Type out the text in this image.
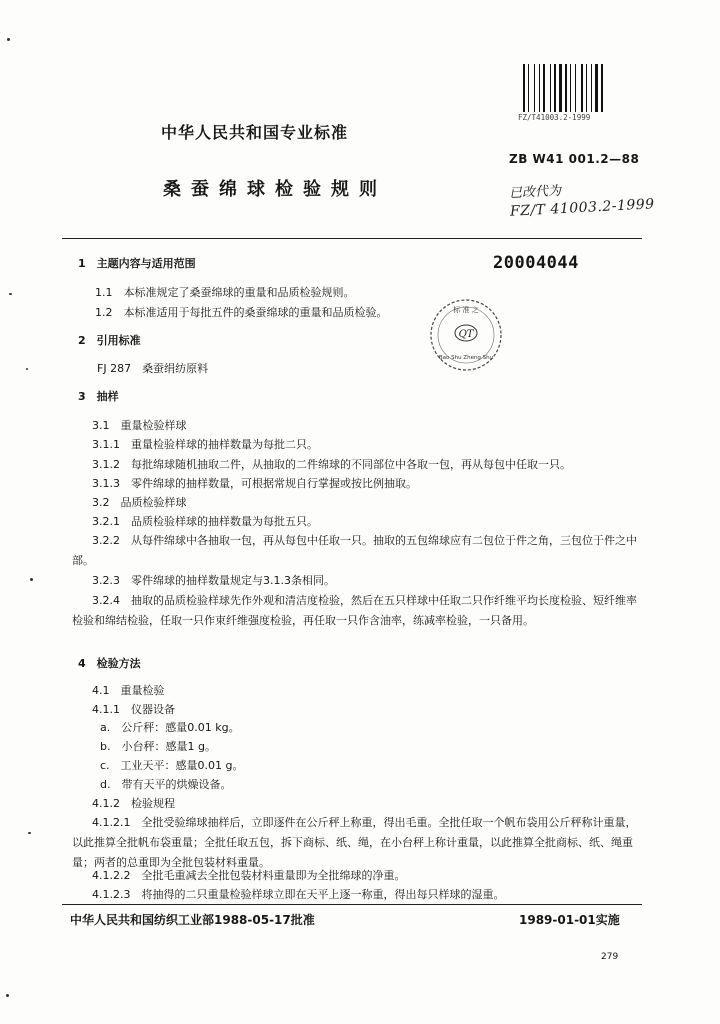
FZ/T41003.2-1999
中华人民共和国专业标准
ZB W41 001.2—88
桑蚕绵球检验规则	已改代为
FZ/T 41003.2-1999
20004044
QT
标 准 之
Bao Shu Zheng Shu
1　主题内容与适用范围
1.1　本标准规定了桑蚕绵球的重量和品质检验规则。
1.2　本标准适用于每批五件的桑蚕绵球的重量和品质检验。
2　引用标准
FJ 287　桑蚕绢纺原料
3　抽样
3.1　重量检验样球
3.1.1　重量检验样球的抽样数量为每批二只。
3.1.2　每批绵球随机抽取二件，从抽取的二件绵球的不同部位中各取一包，再从每包中任取一只。
3.1.3　零件绵球的抽样数量，可根据常规自行掌握或按比例抽取。
3.2　品质检验样球
3.2.1　品质检验样球的抽样数量为每批五只。
3.2.2　从每件绵球中各抽取一包，再从每包中任取一只。抽取的五包绵球应有二包位于件之角，三包位于件之中部。
3.2.3　零件绵球的抽样数量规定与3.1.3条相同。
3.2.4　抽取的品质检验样球先作外观和清洁度检验，然后在五只样球中任取二只作纤维平均长度检验、短纤维率检验和绵结检验，任取一只作束纤维强度检验，再任取一只作含油率，练减率检验，一只备用。
4　检验方法
4.1　重量检验
4.1.1　仪器设备
a.　公斤秤：感量0.01 kg。
b.　小台秤：感量1 g。
c.　工业天平：感量0.01 g。
d.　带有天平的烘燥设备。
4.1.2　检验规程
4.1.2.1　全批受验绵球抽样后，立即逐件在公斤秤上称重，得出毛重。全批任取一个帆布袋用公斤秤称计重量，以此推算全批帆布袋重量；全批任取五包，拆下商标、纸、绳，在小台秤上称计重量，以此推算全批商标、纸、绳重量；两者的总重即为全批包装材料重量。
4.1.2.2　全批毛重减去全批包装材料重量即为全批绵球的净重。
4.1.2.3　将抽得的二只重量检验样球立即在天平上逐一称重，得出每只样球的湿重。
中华人民共和国纺织工业部1988-05-17批准	1989-01-01实施
279
